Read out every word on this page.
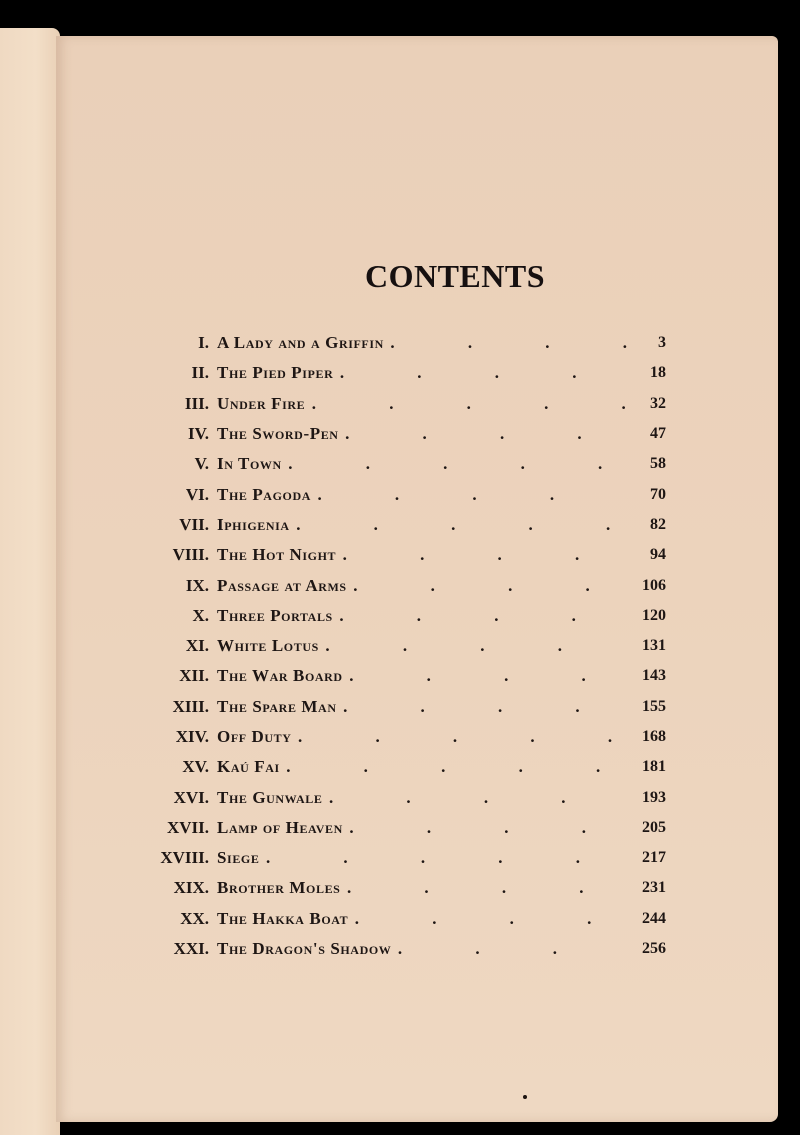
CONTENTS
I. A Lady and a Griffin .	3
II. The Pied Piper .	18
III. Under Fire .	32
IV. The Sword-Pen .	47
V. In Town .	58
VI. The Pagoda .	70
VII. Iphigenia .	82
VIII. The Hot Night .	94
IX. Passage at Arms .	106
X. Three Portals .	120
XI. White Lotus .	131
XII. The War Board .	143
XIII. The Spare Man .	155
XIV. Off Duty .	168
XV. Kaú Fai .	181
XVI. The Gunwale .	193
XVII. Lamp of Heaven .	205
XVIII. Siege .	217
XIX. Brother Moles .	231
XX. The Hakka Boat .	244
XXI. The Dragon's Shadow .	256
